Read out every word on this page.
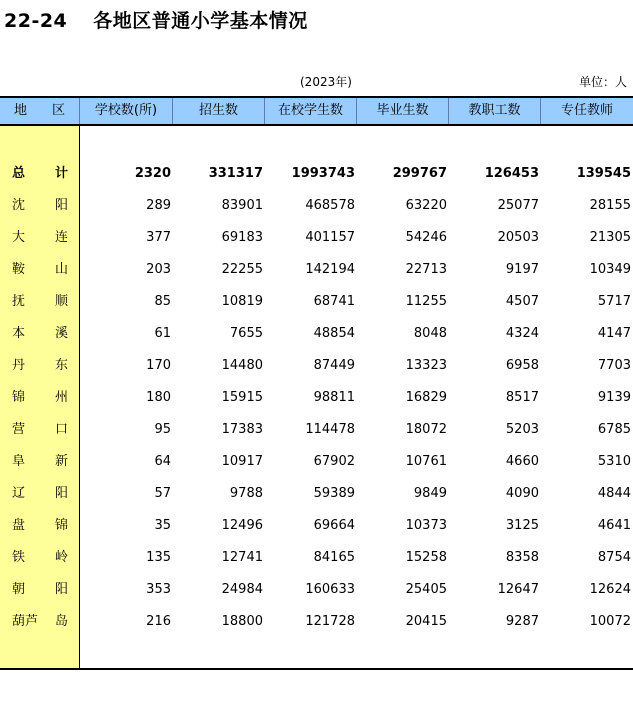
22-24 各地区普通小学基本情况
(2023年)	单位：人
地 区	学校数(所)	招生数	在校学生数	毕业生数	教职工数	专任教师
总 计	2320	331317 1993743	299767	126453	139545
沈 阳	289	83901	468578	63220	25077	28155
大 连	377	69183	401157	54246	20503	21305
鞍 山	203	22255	142194	22713	9197	10349
抚 顺	85	10819	68741	11255	4507	5717
本 溪	61	7655	48854	8048	4324	4147
丹 东	170	14480	87449	13323	6958	7703
锦 州	180	15915	98811	16829	8517	9139
营 口	95	17383	114478	18072	5203	6785
阜 新	64	10917	67902	10761	4660	5310
辽 阳	57	9788	59389	9849	4090	4844
盘 锦	35	12496	69664	10373	3125	4641
铁 岭	135	12741	84165	15258	8358	8754
朝 阳	353	24984	160633	25405	12647	12624
葫芦 岛	216	18800	121728	20415	9287	10072
